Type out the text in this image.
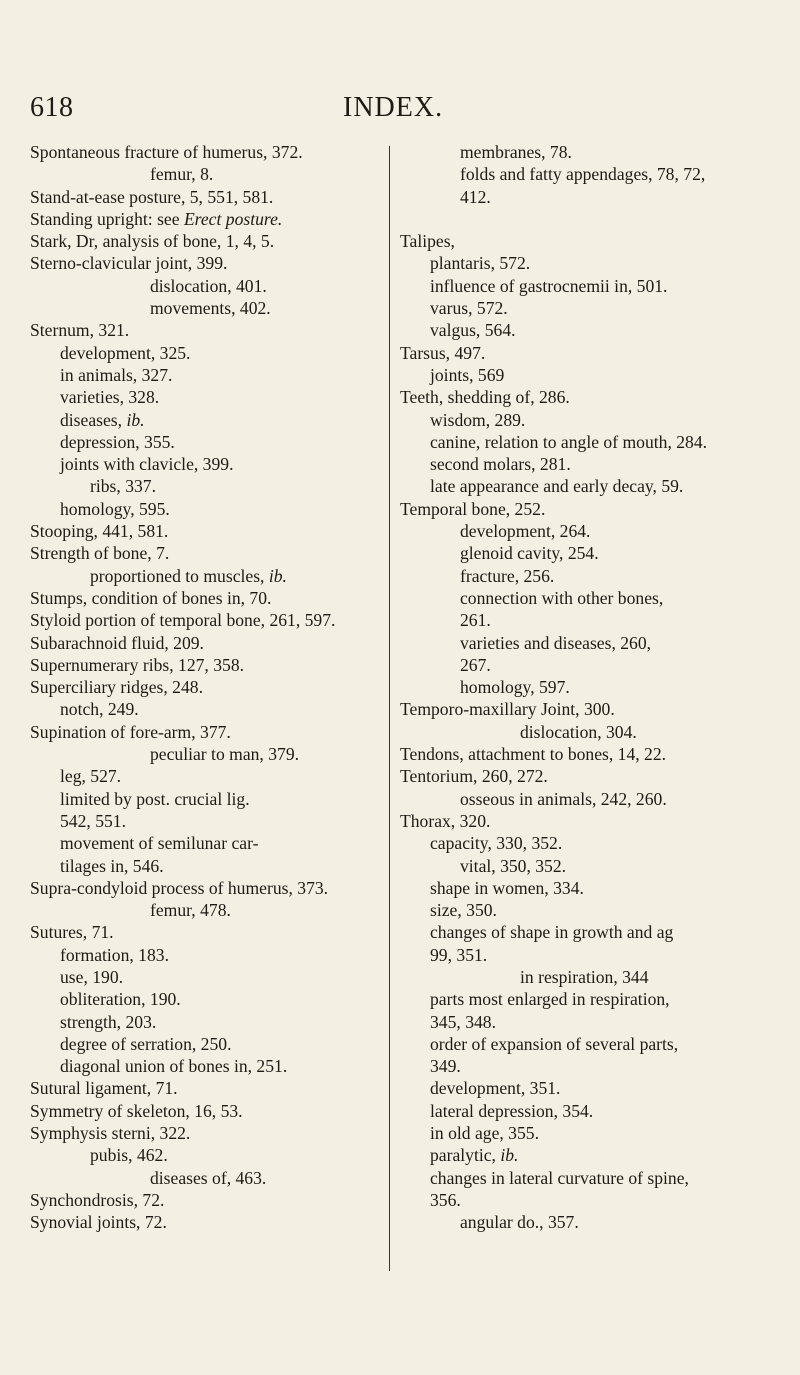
618	INDEX.
Spontaneous fracture of humerus, 372.
femur, 8.
Stand-at-ease posture, 5, 551, 581.
Standing upright: see Erect posture.
Stark, Dr, analysis of bone, 1, 4, 5.
Sterno-clavicular joint, 399.
dislocation, 401.
movements, 402.
Sternum, 321.
development, 325.
in animals, 327.
varieties, 328.
diseases, ib.
depression, 355.
joints with clavicle, 399.
ribs, 337.
homology, 595.
Stooping, 441, 581.
Strength of bone, 7.
proportioned to muscles, ib.
Stumps, condition of bones in, 70.
Styloid portion of temporal bone, 261, 597.
Subarachnoid fluid, 209.
Supernumerary ribs, 127, 358.
Superciliary ridges, 248.
notch, 249.
Supination of fore-arm, 377.
peculiar to man, 379.
leg, 527.
limited by post. crucial lig.
542, 551.
movement of semilunar car-
tilages in, 546.
Supra-condyloid process of humerus, 373.
femur, 478.
Sutures, 71.
formation, 183.
use, 190.
obliteration, 190.
strength, 203.
degree of serration, 250.
diagonal union of bones in, 251.
Sutural ligament, 71.
Symmetry of skeleton, 16, 53.
Symphysis sterni, 322.
pubis, 462.
diseases of, 463.
Synchondrosis, 72.
Synovial joints, 72.
membranes, 78.
folds and fatty appendages, 78, 72,
412.
Talipes,
plantaris, 572.
influence of gastrocnemii in, 501.
varus, 572.
valgus, 564.
Tarsus, 497.
joints, 569
Teeth, shedding of, 286.
wisdom, 289.
canine, relation to angle of mouth, 284.
second molars, 281.
late appearance and early decay, 59.
Temporal bone, 252.
development, 264.
glenoid cavity, 254.
fracture, 256.
connection with other bones,
261.
varieties and diseases, 260,
267.
homology, 597.
Temporo-maxillary Joint, 300.
dislocation, 304.
Tendons, attachment to bones, 14, 22.
Tentorium, 260, 272.
osseous in animals, 242, 260.
Thorax, 320.
capacity, 330, 352.
vital, 350, 352.
shape in women, 334.
size, 350.
changes of shape in growth and ag
99, 351.
in respiration, 344
parts most enlarged in respiration,
345, 348.
order of expansion of several parts,
349.
development, 351.
lateral depression, 354.
in old age, 355.
paralytic, ib.
changes in lateral curvature of spine,
356.
angular do., 357.
